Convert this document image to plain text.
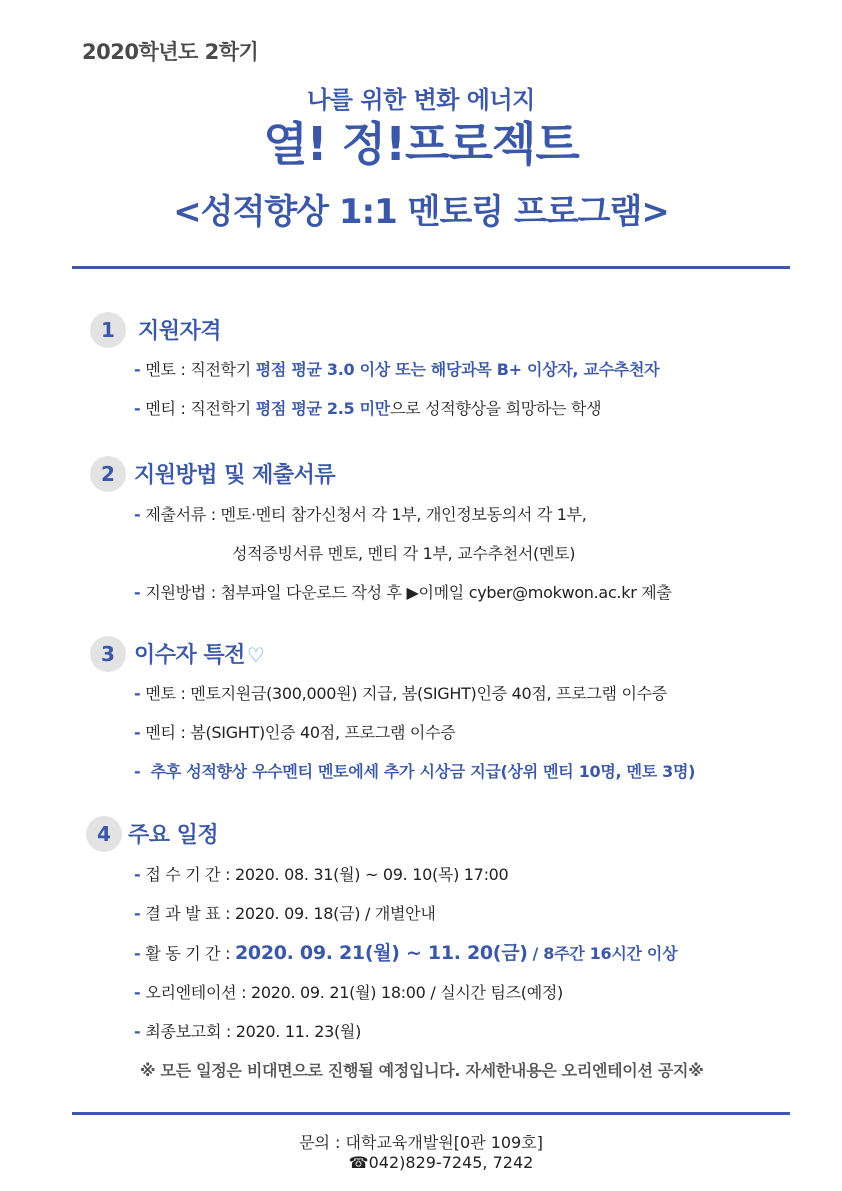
2020학년도 2학기
나를 위한 변화 에너지
열! 정!프로젝트
<성적향상 1:1 멘토링 프로그램>
1	지원자격
- 멘토 : 직전학기 평점 평균 3.0 이상 또는 해당과목 B+ 이상자, 교수추천자
- 멘티 : 직전학기 평점 평균 2.5 미만으로 성적향상을 희망하는 학생
2 지원방법 및 제출서류
- 제출서류 : 멘토·멘티 참가신청서 각 1부, 개인정보동의서 각 1부,
성적증빙서류 멘토, 멘티 각 1부, 교수추천서(멘토)
- 지원방법 : 첨부파일 다운로드 작성 후 ▶이메일 cyber@mokwon.ac.kr 제출
3 이수자 특전 ♡
- 멘토 : 멘토지원금(300,000원) 지급, 봄(SIGHT)인증 40점, 프로그램 이수증
- 멘티 : 봄(SIGHT)인증 40점, 프로그램 이수증
- 추후 성적향상 우수멘티 멘토에세 추가 시상금 지급(상위 멘티 10명, 멘토 3명)
4 주요 일정
- 접 수 기 간 : 2020. 08. 31(월) ~ 09. 10(목) 17:00
- 결 과 발 표 : 2020. 09. 18(금) / 개별안내
- 활 동 기 간 : 2020. 09. 21(월) ~ 11. 20(금) / 8주간 16시간 이상
- 오리엔테이션 : 2020. 09. 21(월) 18:00 / 실시간 팀즈(예정)
- 최종보고회 : 2020. 11. 23(월)
※ 모든 일정은 비대면으로 진행될 예정입니다. 자세한내용은 오리엔테이션 공지※
문의 : 대학교육개발원[0관 109호]
☎042)829-7245, 7242
